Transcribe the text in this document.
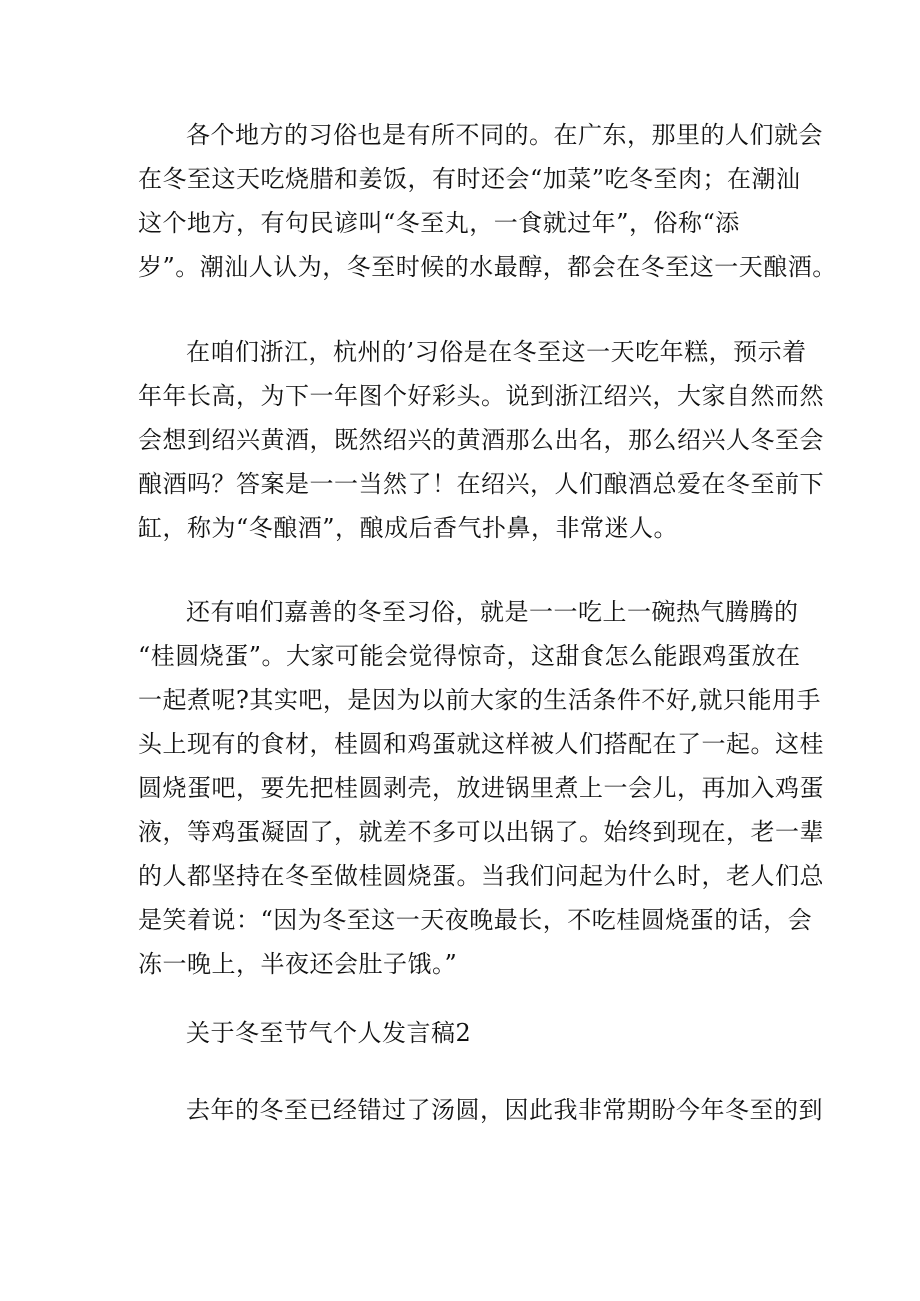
各个地方的习俗也是有所不同的。在广东，那里的人们就会
在冬至这天吃烧腊和姜饭，有时还会“加菜”吃冬至肉；在潮汕
这个地方，有句民谚叫“冬至丸，一食就过年”，俗称“添
岁”。潮汕人认为，冬至时候的水最醇，都会在冬至这一天酿酒。
在咱们浙江，杭州的’习俗是在冬至这一天吃年糕，预示着
年年长高，为下一年图个好彩头。说到浙江绍兴，大家自然而然
会想到绍兴黄酒，既然绍兴的黄酒那么出名，那么绍兴人冬至会
酿酒吗？答案是一一当然了！在绍兴，人们酿酒总爱在冬至前下
缸，称为“冬酿酒”，酿成后香气扑鼻，非常迷人。
还有咱们嘉善的冬至习俗，就是一一吃上一碗热气腾腾的
“桂圆烧蛋”。大家可能会觉得惊奇，这甜食怎么能跟鸡蛋放在
一起煮呢?其实吧，是因为以前大家的生活条件不好,就只能用手
头上现有的食材，桂圆和鸡蛋就这样被人们搭配在了一起。这桂
圆烧蛋吧，要先把桂圆剥壳，放进锅里煮上一会儿，再加入鸡蛋
液，等鸡蛋凝固了，就差不多可以出锅了。始终到现在，老一辈
的人都坚持在冬至做桂圆烧蛋。当我们问起为什么时，老人们总
是笑着说：“因为冬至这一天夜晚最长，不吃桂圆烧蛋的话，会
冻一晚上，半夜还会肚子饿。”
关于冬至节气个人发言稿2
去年的冬至已经错过了汤圆，因此我非常期盼今年冬至的到
